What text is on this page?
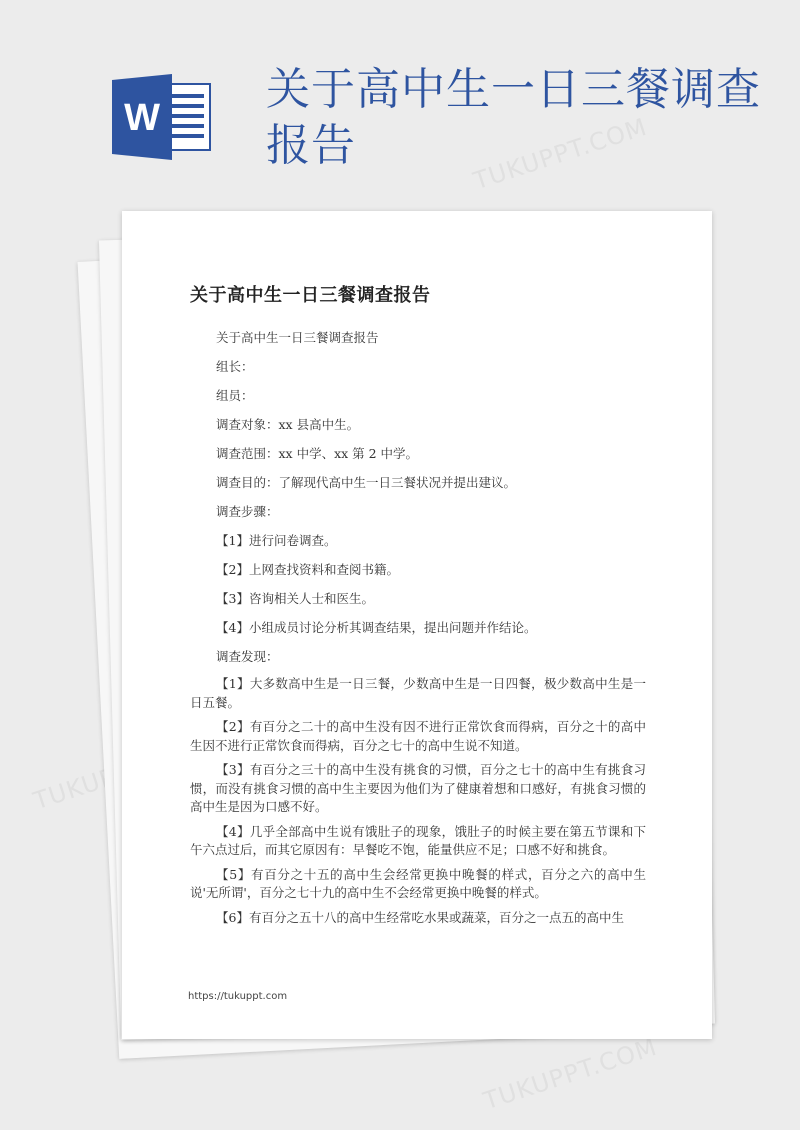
TUKUPPT.COM
TUKUPPT.COM
W
关于高中生一日三餐调查报告
关于高中生一日三餐调查报告

关于高中生一日三餐调查报告

组长：

组员：

调查对象：xx 县高中生。

调查范围：xx 中学、xx 第 2 中学。

调查目的：了解现代高中生一日三餐状况并提出建议。

调查步骤：

【1】进行问卷调查。

【2】上网查找资料和查阅书籍。

【3】咨询相关人士和医生。

【4】小组成员讨论分析其调查结果，提出问题并作结论。

调查发现：

【1】大多数高中生是一日三餐，少数高中生是一日四餐，极少数高中生是一日五餐。

【2】有百分之二十的高中生没有因不进行正常饮食而得病，百分之十的高中生因不进行正常饮食而得病，百分之七十的高中生说不知道。

【3】有百分之三十的高中生没有挑食的习惯，百分之七十的高中生有挑食习惯，而没有挑食习惯的高中生主要因为他们为了健康着想和口感好，有挑食习惯的高中生是因为口感不好。

【4】几乎全部高中生说有饿肚子的现象，饿肚子的时候主要在第五节课和下午六点过后，而其它原因有：早餐吃不饱，能量供应不足；口感不好和挑食。

【5】有百分之十五的高中生会经常更换中晚餐的样式，百分之六的高中生说'无所谓'，百分之七十九的高中生不会经常更换中晚餐的样式。

【6】有百分之五十八的高中生经常吃水果或蔬菜，百分之一点五的高中生

https://tukuppt.com
